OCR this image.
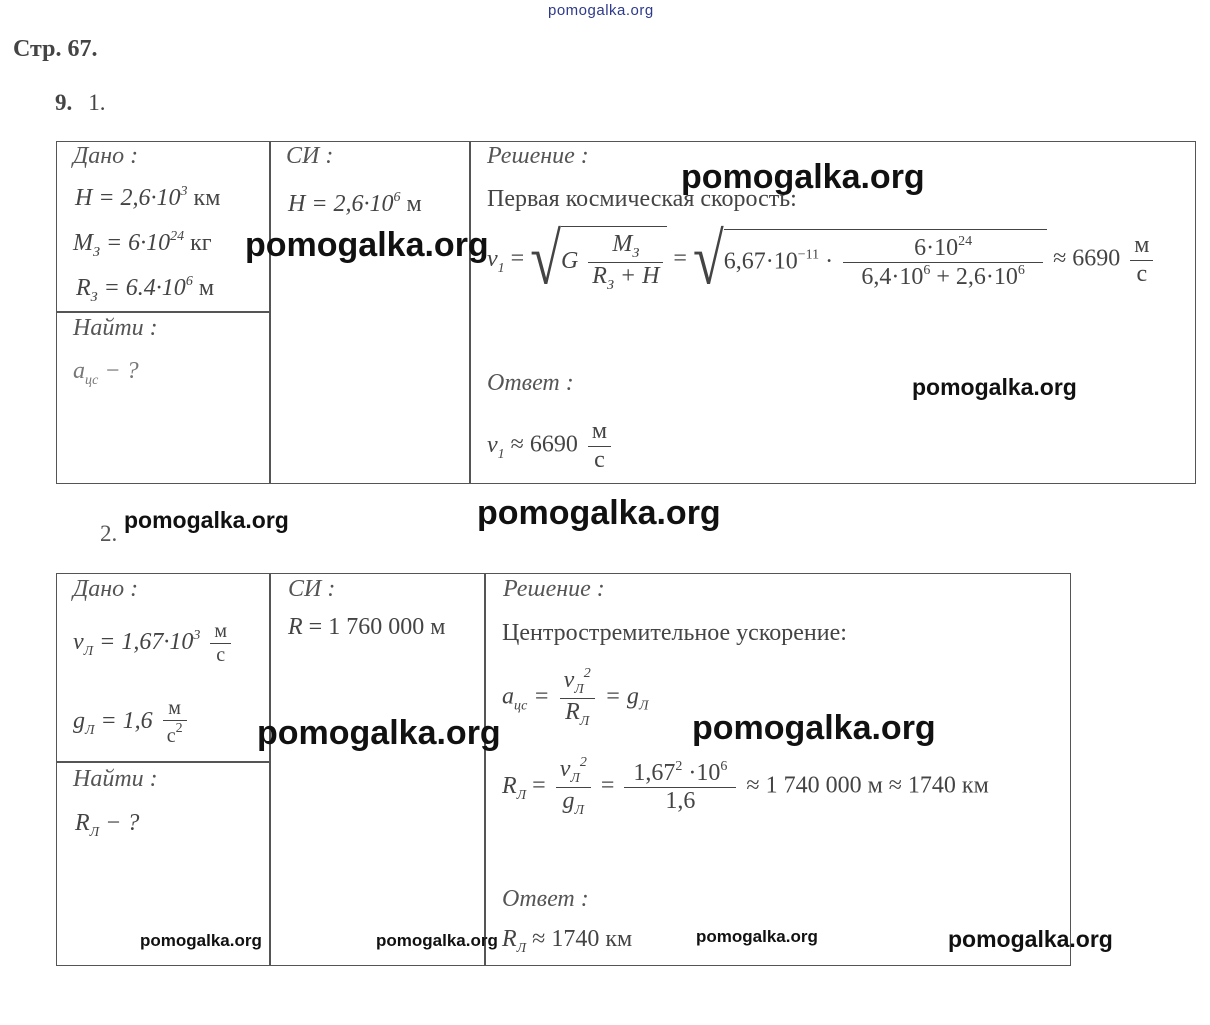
pomogalka.org
Стр. 67.
9. 1.
Дано :
$H = 2,6\cdot 10^3$ км
$M_З = 6\cdot 10^{24}$ кг
$R_З = 6.4\cdot 10^6$ м
Найти :
$a_{цс}$ − ?
СИ :
$H = 2,6\cdot 10^6$ м
Решение :
Первая космическая скорость:
$v_1 = √G \frac{M_З}{R_З + H} = √6,67\cdot 10^{-11} \cdot \frac{6\cdot 10^{24}}{6,4\cdot 10^6 + 2,6\cdot 10^6} \approx 6690 \frac{м}{с}$
Ответ :
$v_1 \approx 6690 \frac{м}{с}$
2.
Дано :
$v_Л = 1,67\cdot 10^3 \frac{м}{с}$
$g_Л = 1,6 \frac{м}{с^2}$
Найти :
$R_Л$ − ?
СИ :
R = 1 760 000 м
Решение :
Центростремительное ускорение:
$a_{цс} = \frac{v_Л^2}{R_Л} = g_Л$
$R_Л = \frac{v_Л^2}{g_Л} = \frac{1,67^2 \cdot 10^6}{1,6} \approx 1$ 740 000 м ≈ 1740 км
Ответ :
$R_Л \approx 1740$ км
pomogalka.org
pomogalka.org
pomogalka.org
pomogalka.org
pomogalka.org
pomogalka.org	pomogalka.org
pomogalka.org	pomogalka.org	pomogalka.org	pomogalka.org
